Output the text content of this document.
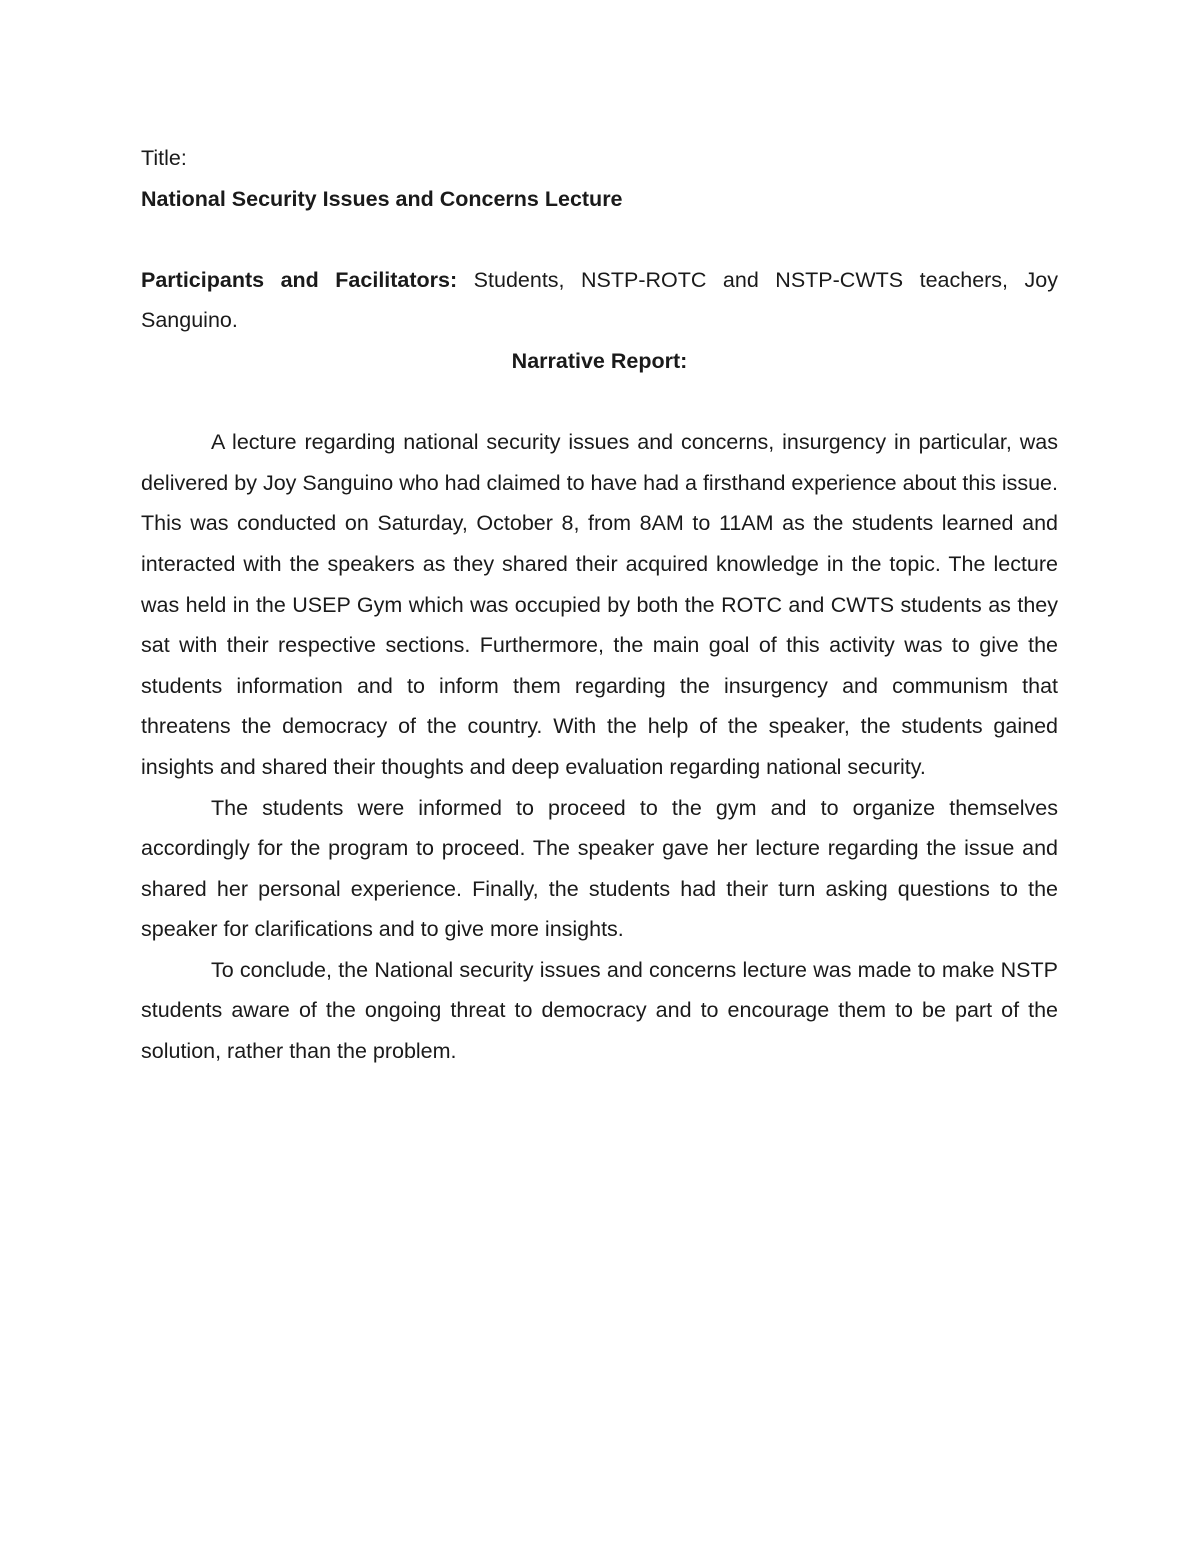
Title:

National Security Issues and Concerns Lecture

Participants and Facilitators: Students, NSTP-ROTC and NSTP-CWTS teachers, Joy Sanguino.

Narrative Report:

A lecture regarding national security issues and concerns, insurgency in particular, was delivered by Joy Sanguino who had claimed to have had a firsthand experience about this issue. This was conducted on Saturday, October 8, from 8AM to 11AM as the students learned and interacted with the speakers as they shared their acquired knowledge in the topic. The lecture was held in the USEP Gym which was occupied by both the ROTC and CWTS students as they sat with their respective sections. Furthermore, the main goal of this activity was to give the students information and to inform them regarding the insurgency and communism that threatens the democracy of the country. With the help of the speaker, the students gained insights and shared their thoughts and deep evaluation regarding national security.

The students were informed to proceed to the gym and to organize themselves accordingly for the program to proceed. The speaker gave her lecture regarding the issue and shared her personal experience. Finally, the students had their turn asking questions to the speaker for clarifications and to give more insights.

To conclude, the National security issues and concerns lecture was made to make NSTP students aware of the ongoing threat to democracy and to encourage them to be part of the solution, rather than the problem.
